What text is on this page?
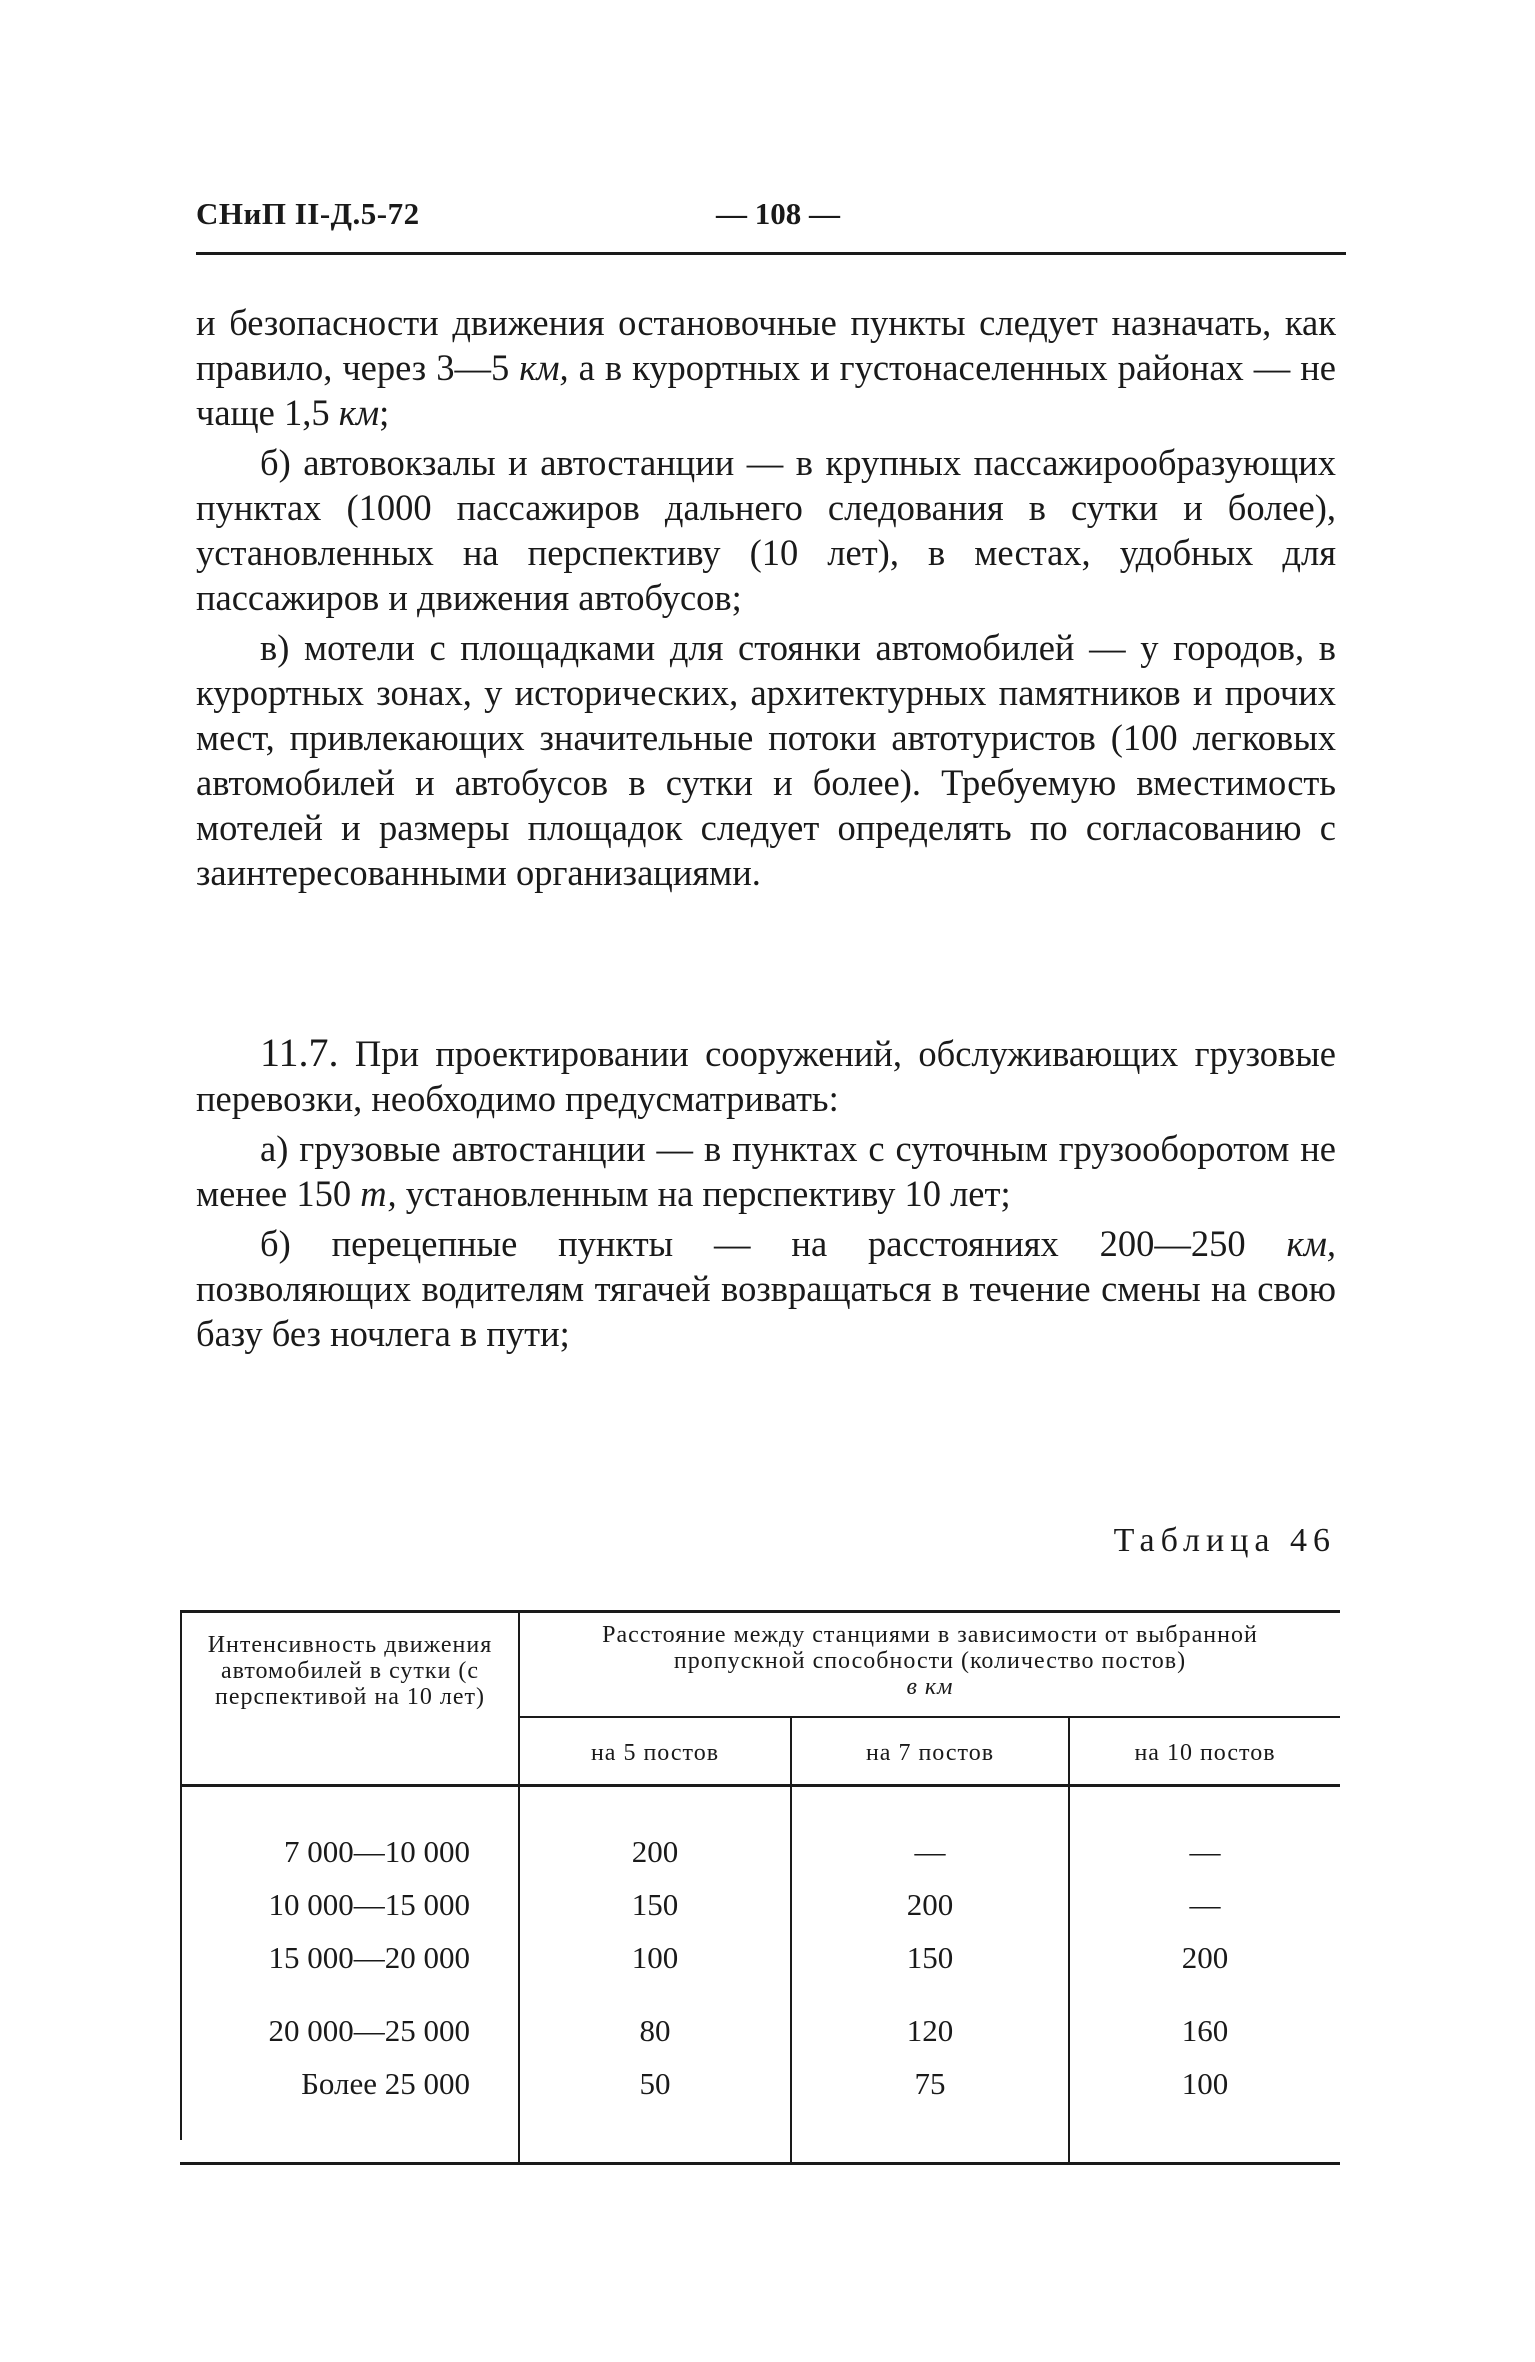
СНиП II-Д.5-72	— 108 —

и безопасности движения остановочные пункты следует назначать, как правило, через 3—5 км, а в курортных и густонаселенных районах — не чаще 1,5 км;

б) автовокзалы и автостанции — в крупных пассажирообразующих пунктах (1000 пассажиров дальнего следования в сутки и более), установленных на перспективу (10 лет), в местах, удобных для пассажиров и движения автобусов;

в) мотели с площадками для стоянки автомобилей — у городов, в курортных зонах, у исторических, архитектурных памятников и прочих мест, привлекающих значительные потоки автотуристов (100 легковых автомобилей и автобусов в сутки и более). Требуемую вместимость мотелей и размеры площадок следует определять по согласованию с заинтересованными организациями.

11.7. При проектировании сооружений, обслуживающих грузовые перевозки, необходимо предусматривать:

а) грузовые автостанции — в пунктах с суточным грузооборотом не менее 150 т, установленным на перспективу 10 лет;

б) перецепные пункты — на расстояниях 200—250 км, позволяющих водителям тягачей возвращаться в течение смены на свою базу без ночлега в пути;

Таблица 46
Интенсивность движения автомобилей в сутки (с перспективой на 10 лет)
Расстояние между станциями в зависимости от выбранной пропускной способности (количество постов)
в км
на 5 постов	на 7 постов	на 10 постов
7 000—10 000	200	—	—
10 000—15 000	150	200	—
15 000—20 000	100	150	200
20 000—25 000	80	120	160
Более 25 000	50	75	100
